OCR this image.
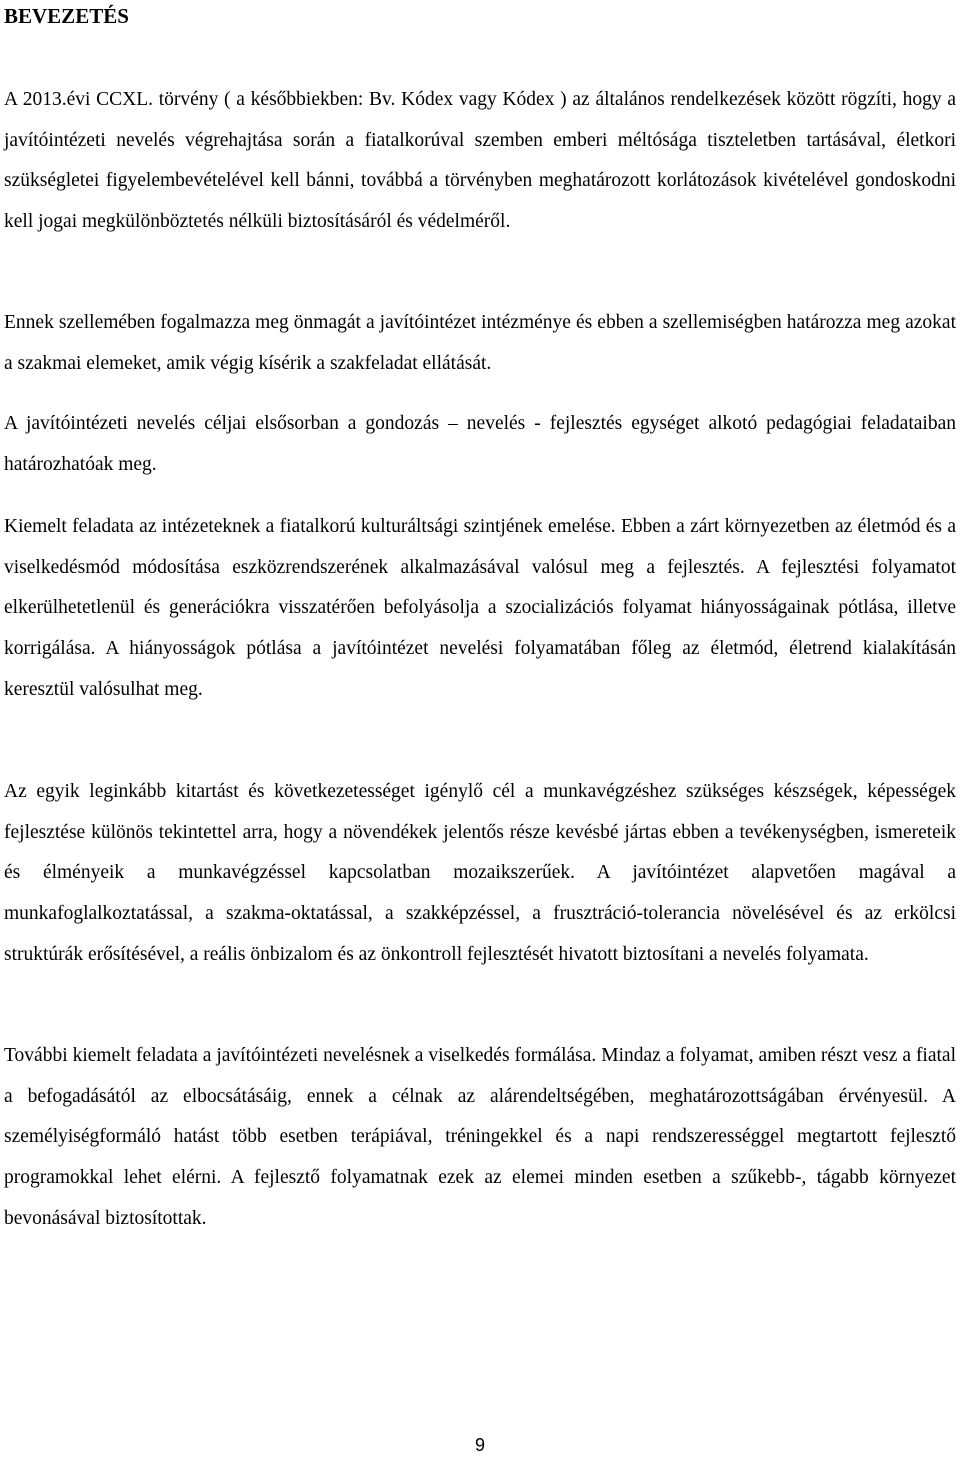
BEVEZETÉS

A 2013.évi CCXL. törvény ( a későbbiekben: Bv. Kódex vagy Kódex ) az általános rendelkezések között rögzíti, hogy a javítóintézeti nevelés végrehajtása során a fiatalkorúval szemben emberi méltósága tiszteletben tartásával, életkori szükségletei figyelembevételével kell bánni, továbbá a törvényben meghatározott korlátozások kivételével gondoskodni kell jogai megkülönböztetés nélküli biztosításáról és védelméről.

Ennek szellemében fogalmazza meg önmagát a javítóintézet intézménye és ebben a szellemiségben határozza meg azokat a szakmai elemeket, amik végig kísérik a szakfeladat ellátását.

A javítóintézeti nevelés céljai elsősorban a gondozás – nevelés - fejlesztés egységet alkotó pedagógiai feladataiban határozhatóak meg.

Kiemelt feladata az intézeteknek a fiatalkorú kulturáltsági szintjének emelése. Ebben a zárt környezetben az életmód és a viselkedésmód módosítása eszközrendszerének alkalmazásával valósul meg a fejlesztés. A fejlesztési folyamatot elkerülhetetlenül és generációkra visszatérően befolyásolja a szocializációs folyamat hiányosságainak pótlása, illetve korrigálása. A hiányosságok pótlása a javítóintézet nevelési folyamatában főleg az életmód, életrend kialakításán keresztül valósulhat meg.

Az egyik leginkább kitartást és következetességet igénylő cél a munkavégzéshez szükséges készségek, képességek fejlesztése különös tekintettel arra, hogy a növendékek jelentős része kevésbé jártas ebben a tevékenységben, ismereteik és élményeik a munkavégzéssel kapcsolatban mozaikszerűek. A javítóintézet alapvetően magával a munkafoglalkoztatással, a szakma-oktatással, a szakképzéssel, a frusztráció-tolerancia növelésével és az erkölcsi struktúrák erősítésével, a reális önbizalom és az önkontroll fejlesztését hivatott biztosítani a nevelés folyamata.

További kiemelt feladata a javítóintézeti nevelésnek a viselkedés formálása. Mindaz a folyamat, amiben részt vesz a fiatal a befogadásától az elbocsátásáig, ennek a célnak az alárendeltségében, meghatározottságában érvényesül. A személyiségformáló hatást több esetben terápiával, tréningekkel és a napi rendszerességgel megtartott fejlesztő programokkal lehet elérni. A fejlesztő folyamatnak ezek az elemei minden esetben a szűkebb-, tágabb környezet bevonásával biztosítottak.

9
